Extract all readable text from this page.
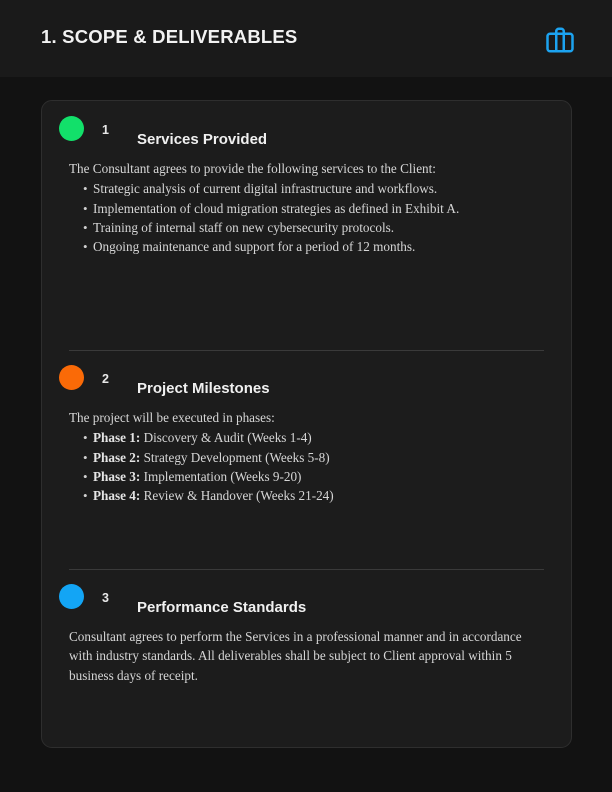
1. SCOPE & DELIVERABLES
1
Services Provided

The Consultant agrees to provide the following services to the Client:

• Strategic analysis of current digital infrastructure and workflows.
• Implementation of cloud migration strategies as defined in Exhibit A.
• Training of internal staff on new cybersecurity protocols.
• Ongoing maintenance and support for a period of 12 months.
2
Project Milestones

The project will be executed in phases:

• Phase 1: Discovery & Audit (Weeks 1-4)
• Phase 2: Strategy Development (Weeks 5-8)
• Phase 3: Implementation (Weeks 9-20)
• Phase 4: Review & Handover (Weeks 21-24)
3
Performance Standards

Consultant agrees to perform the Services in a professional manner and in accordance with industry standards. All deliverables shall be subject to Client approval within 5 business days of receipt.
